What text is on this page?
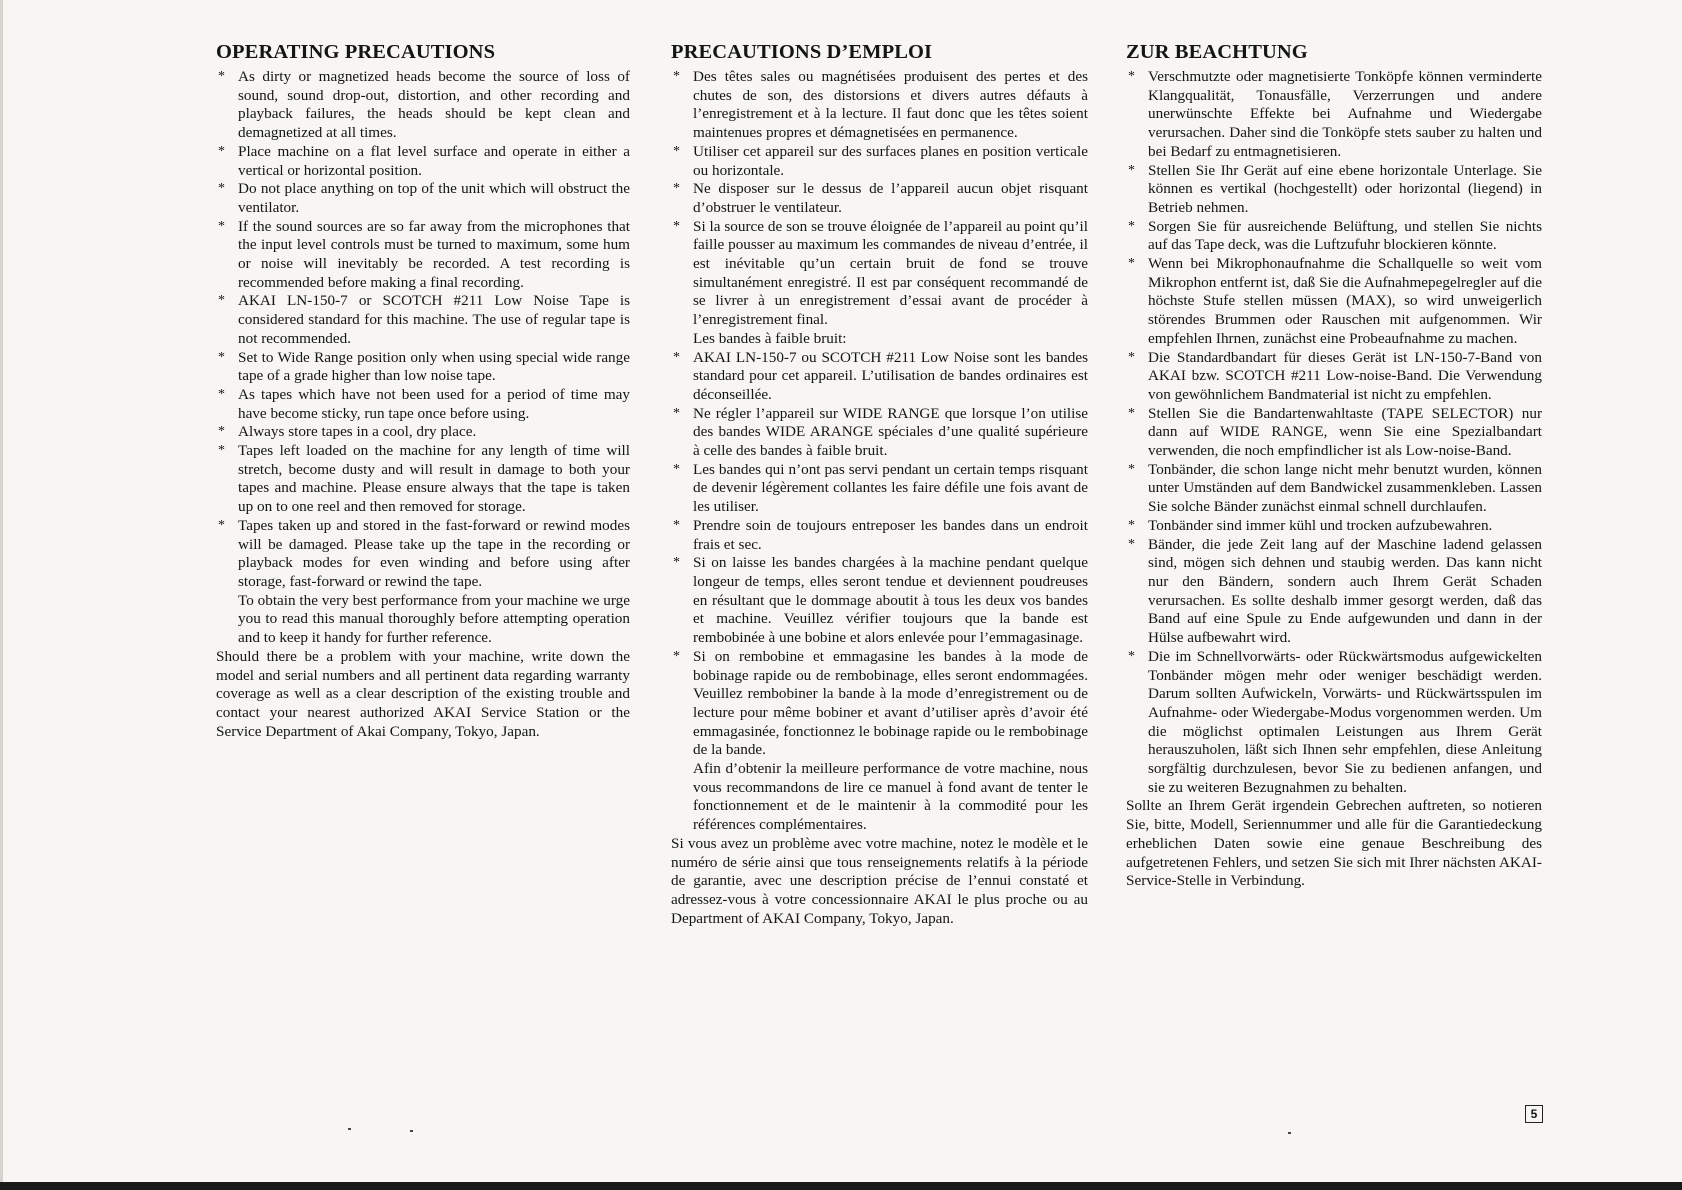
OPERATING PRECAUTIONS
* As dirty or magnetized heads become the source of loss of sound, sound drop-out, distortion, and other recording and playback failures, the heads should be kept clean and demagnetized at all times.
* Place machine on a flat level surface and operate in either a vertical or horizontal position.
* Do not place anything on top of the unit which will obstruct the ventilator.
* If the sound sources are so far away from the microphones that the input level controls must be turned to maximum, some hum or noise will inevitably be recorded. A test recording is recommended before making a final recording.
* AKAI LN-150-7 or SCOTCH #211 Low Noise Tape is considered standard for this machine. The use of regular tape is not recommended.
* Set to Wide Range position only when using special wide range tape of a grade higher than low noise tape.
* As tapes which have not been used for a period of time may have become sticky, run tape once before using.
* Always store tapes in a cool, dry place.
* Tapes left loaded on the machine for any length of time will stretch, become dusty and will result in damage to both your tapes and machine. Please ensure always that the tape is taken up on to one reel and then removed for storage.
* Tapes taken up and stored in the fast-forward or rewind modes will be damaged. Please take up the tape in the recording or playback modes for even winding and before using after storage, fast-forward or rewind the tape.

To obtain the very best performance from your machine we urge you to read this manual thoroughly before attempting operation and to keep it handy for further reference.

Should there be a problem with your machine, write down the model and serial numbers and all pertinent data regarding warranty coverage as well as a clear description of the existing trouble and contact your nearest authorized AKAI Service Station or the Service Department of Akai Company, Tokyo, Japan.

PRECAUTIONS D’EMPLOI
* Des têtes sales ou magnétisées produisent des pertes et des chutes de son, des distorsions et divers autres défauts à l’enregistrement et à la lecture. Il faut donc que les têtes soient maintenues propres et démagnetisées en permanence.
* Utiliser cet appareil sur des surfaces planes en position verticale ou horizontale.
* Ne disposer sur le dessus de l’appareil aucun objet risquant d’obstruer le ventilateur.
* Si la source de son se trouve éloignée de l’appareil au point qu’il faille pousser au maximum les commandes de niveau d’entrée, il est inévitable qu’un certain bruit de fond se trouve simultanément enregistré. Il est par conséquent recommandé de se livrer à un enregistrement d’essai avant de procéder à l’enregistrement final.
Les bandes à faible bruit:
* AKAI LN-150-7 ou SCOTCH #211 Low Noise sont les bandes standard pour cet appareil. L’utilisation de bandes ordinaires est déconseillée.
* Ne régler l’appareil sur WIDE RANGE que lorsque l’on utilise des bandes WIDE ARANGE spéciales d’une qualité supérieure à celle des bandes à faible bruit.
* Les bandes qui n’ont pas servi pendant un certain temps risquant de devenir légèrement collantes les faire défile une fois avant de les utiliser.
* Prendre soin de toujours entreposer les bandes dans un endroit frais et sec.
* Si on laisse les bandes chargées à la machine pendant quelque longeur de temps, elles seront tendue et deviennent poudreuses en résultant que le dommage aboutit à tous les deux vos bandes et machine. Veuillez vérifier toujours que la bande est rembobinée à une bobine et alors enlevée pour l’emmagasinage.
* Si on rembobine et emmagasine les bandes à la mode de bobinage rapide ou de rembobinage, elles seront endommagées. Veuillez rembobiner la bande à la mode d’enregistrement ou de lecture pour même bobiner et avant d’utiliser après d’avoir été emmagasinée, fonctionnez le bobinage rapide ou le rembobinage de la bande.

Afin d’obtenir la meilleure performance de votre machine, nous vous recommandons de lire ce manuel à fond avant de tenter le fonctionnement et de le maintenir à la commodité pour les références complémentaires.

Si vous avez un problème avec votre machine, notez le modèle et le numéro de série ainsi que tous renseignements relatifs à la période de garantie, avec une description précise de l’ennui constaté et adressez-vous à votre concessionnaire AKAI le plus proche ou au Department of AKAI Company, Tokyo, Japan.

ZUR BEACHTUNG
* Verschmutzte oder magnetisierte Tonköpfe können verminderte Klangqualität, Tonausfälle, Verzerrungen und andere unerwünschte Effekte bei Aufnahme und Wiedergabe verursachen. Daher sind die Tonköpfe stets sauber zu halten und bei Bedarf zu entmagnetisieren.
* Stellen Sie Ihr Gerät auf eine ebene horizontale Unterlage. Sie können es vertikal (hochgestellt) oder horizontal (liegend) in Betrieb nehmen.
* Sorgen Sie für ausreichende Belüftung, und stellen Sie nichts auf das Tape deck, was die Luftzufuhr blockieren könnte.
* Wenn bei Mikrophonaufnahme die Schallquelle so weit vom Mikrophon entfernt ist, daß Sie die Aufnahmepegelregler auf die höchste Stufe stellen müssen (MAX), so wird unweigerlich störendes Brummen oder Rauschen mit aufgenommen. Wir empfehlen Ihrnen, zunächst eine Probeaufnahme zu machen.
* Die Standardbandart für dieses Gerät ist LN-150-7-Band von AKAI bzw. SCOTCH #211 Low-noise-Band. Die Verwendung von gewöhnlichem Bandmaterial ist nicht zu empfehlen.
* Stellen Sie die Bandartenwahltaste (TAPE SELECTOR) nur dann auf WIDE RANGE, wenn Sie eine Spezialbandart verwenden, die noch empfindlicher ist als Low-noise-Band.
* Tonbänder, die schon lange nicht mehr benutzt wurden, können unter Umständen auf dem Bandwickel zusammenkleben. Lassen Sie solche Bänder zunächst einmal schnell durchlaufen.
* Tonbänder sind immer kühl und trocken aufzubewahren.
* Bänder, die jede Zeit lang auf der Maschine ladend gelassen sind, mögen sich dehnen und staubig werden. Das kann nicht nur den Bändern, sondern auch Ihrem Gerät Schaden verursachen. Es sollte deshalb immer gesorgt werden, daß das Band auf eine Spule zu Ende aufgewunden und dann in der Hülse aufbewahrt wird.
* Die im Schnellvorwärts- oder Rückwärtsmodus aufgewickelten Tonbänder mögen mehr oder weniger beschädigt werden. Darum sollten Aufwickeln, Vorwärts- und Rückwärtsspulen im Aufnahme- oder Wiedergabe-Modus vorgenommen werden. Um die möglichst optimalen Leistungen aus Ihrem Gerät herauszuholen, läßt sich Ihnen sehr empfehlen, diese Anleitung sorgfältig durchzulesen, bevor Sie zu bedienen anfangen, und sie zu weiteren Bezugnahmen zu behalten.

Sollte an Ihrem Gerät irgendein Gebrechen auftreten, so notieren Sie, bitte, Modell, Seriennummer und alle für die Garantiedeckung erheblichen Daten sowie eine genaue Beschreibung des aufgetretenen Fehlers, und setzen Sie sich mit Ihrer nächsten AKAI-Service-Stelle in Verbindung.

5
